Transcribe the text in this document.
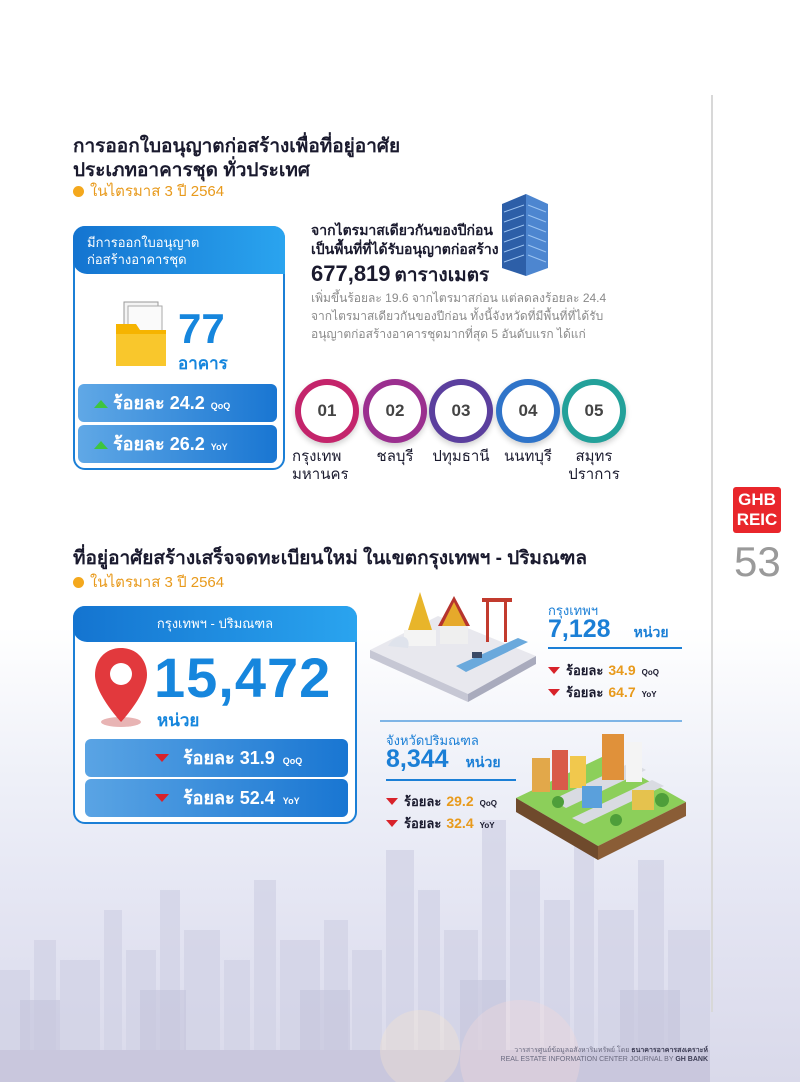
GHB
REIC
53
การออกใบอนุญาตก่อสร้างเพื่อที่อยู่อาศัย
ประเภทอาคารชุด ทั่วประเทศ
ในไตรมาส 3 ปี 2564
มีการออกใบอนุญาต
ก่อสร้างอาคารชุด
77
อาคาร
ร้อยละ 24.2 QoQ
ร้อยละ 26.2 YoY
จากไตรมาสเดียวกันของปีก่อน
เป็นพื้นที่ที่ได้รับอนุญาตก่อสร้าง
677,819 ตารางเมตร
เพิ่มขึ้นร้อยละ 19.6 จากไตรมาสก่อน แต่ลดลงร้อยละ 24.4
จากไตรมาสเดียวกันของปีก่อน ทั้งนี้จังหวัดที่มีพื้นที่ที่ได้รับ
อนุญาตก่อสร้างอาคารชุดมากที่สุด 5 อันดับแรก ได้แก่
01	02	03	04	05
กรุงเทพ
มหานคร
ชลบุรี	ปทุมธานี นนทบุรี	สมุทร
ปราการ
ที่อยู่อาศัยสร้างเสร็จจดทะเบียนใหม่ ในเขตกรุงเทพฯ - ปริมณฑล
ในไตรมาส 3 ปี 2564
กรุงเทพฯ - ปริมณฑล
15,472
หน่วย
ร้อยละ 31.9 QoQ
ร้อยละ 52.4 YoY
กรุงเทพฯ
7,128 หน่วย
ร้อยละ 34.9 QoQ
ร้อยละ 64.7 YoY
จังหวัดปริมณฑล
8,344 หน่วย
ร้อยละ 29.2 QoQ
ร้อยละ 32.4 YoY
วารสารศูนย์ข้อมูลอสังหาริมทรัพย์ โดย ธนาคารอาคารสงเคราะห์
REAL ESTATE INFORMATION CENTER JOURNAL BY GH BANK
